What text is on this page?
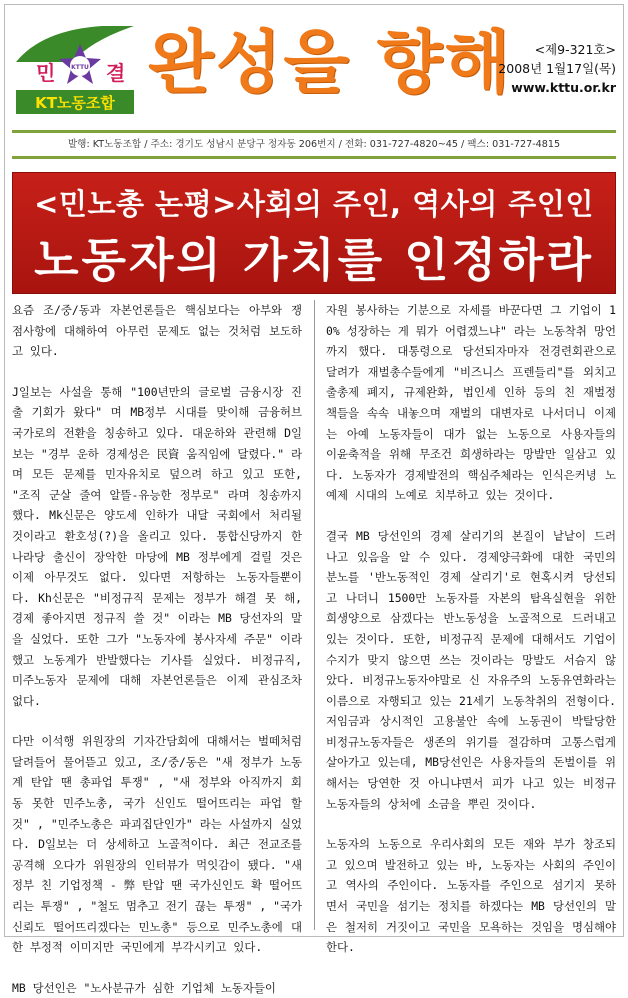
KTTU
민	결
KT노동조합 완성을 향해	<제9-321호>
2008년 1월17일(목)
www.kttu.or.kr
발행: KT노동조합 / 주소: 경기도 성남시 분당구 정자동 206번지 / 전화: 031-727-4820~45 / 팩스: 031-727-4815
<민노총 논평>사회의 주인, 역사의 주인인
노동자의 가치를 인정하라

요즘 조/중/동과 자본언론들은 핵심보다는 아부와 쟁점사항에 대해하여 아무런 문제도 없는 것처럼 보도하고 있다.

J일보는 사설을 통해 "100년만의 글로벌 금융시장 진출 기회가 왔다" 며 MB정부 시대를 맞이해 금융허브 국가로의 전환을 칭송하고 있다. 대운하와 관련해 D일보는 "경부 운하 경제성은 民資 움직임에 달렸다." 라며 모든 문제를 민자유치로 덮으려 하고 있고 또한, "조직 군살 줄여 알뜰-유능한 정부로" 라며 칭송까지 했다. Mk신문은 양도세 인하가 내달 국회에서 처리될 것이라고 환호성(?)을 올리고 있다. 통합신당까지 한나라당 출신이 장악한 마당에 MB 정부에게 걸릴 것은 이제 아무것도 없다. 있다면 저항하는 노동자들뿐이다. Kh신문은 "비정규직 문제는 정부가 해결 못 해, 경제 좋아지면 정규직 쓸 것" 이라는 MB 당선자의 말을 실었다. 또한 그가 "노동자에 봉사자세 주문" 이라 했고 노동계가 반발했다는 기사를 실었다. 비정규직, 미주노동자 문제에 대해 자본언론들은 이제 관심조차 없다.

다만 이석행 위원장의 기자간담회에 대해서는 벌떼처럼 달려들어 물어뜯고 있고, 조/중/동은 "새 정부가 노동계 탄압 땐 총파업 투쟁" , "새 정부와 아직까지 회동 못한 민주노총, 국가 신인도 떨어뜨리는 파업 할 것" , "민주노총은 파괴집단인가" 라는 사설까지 실었다. D일보는 더 상세하고 노골적이다. 최근 전교조를 공격해 오다가 위원장의 인터뷰가 먹잇감이 됐다. "새 정부 친 기업정책 - 弊 탄압 땐 국가신인도 확 떨어뜨리는 투쟁" , "철도 멈추고 전기 끊는 투쟁" , "국가 신뢰도 떨어뜨리겠다는 민노총" 등으로 민주노총에 대한 부정적 이미지만 국민에게 부각시키고 있다.

MB 당선인은 "노사분규가 심한 기업체 노동자들이

자원 봉사하는 기분으로 자세를 바꾼다면 그 기업이 10% 성장하는 게 뭐가 어렵겠느냐" 라는 노동착취 망언까지 했다. 대통령으로 당선되자마자 전경련회관으로 달려가 재벌총수들에게 "비즈니스 프렌들리"를 외치고 출총제 폐지, 규제완화, 법인세 인하 등의 친 재벌정책들을 속속 내놓으며 재벌의 대변자로 나서더니 이제는 아예 노동자들이 대가 없는 노동으로 사용자들의 이윤축적을 위해 무조건 희생하라는 망발만 일삼고 있다. 노동자가 경제발전의 핵심주체라는 인식은커녕 노예제 시대의 노예로 치부하고 있는 것이다.

결국 MB 당선인의 경제 살리기의 본질이 낱낱이 드러나고 있음을 알 수 있다. 경제양극화에 대한 국민의 분노를 '반노동적인 경제 살리기'로 현혹시켜 당선되고 나더니 1500만 노동자를 자본의 탐욕실현을 위한 희생양으로 삼겠다는 반노동성을 노골적으로 드러내고 있는 것이다. 또한, 비정규직 문제에 대해서도 기업이 수지가 맞지 않으면 쓰는 것이라는 망발도 서슴지 않았다. 비정규노동자야말로 신 자유주의 노동유연화라는 이름으로 자행되고 있는 21세기 노동착취의 전형이다. 저임금과 상시적인 고용불안 속에 노동권이 박탈당한 비정규노동자들은 생존의 위기를 절감하며 고통스럽게 살아가고 있는데, MB당선인은 사용자들의 돈벌이를 위해서는 당연한 것 아니냐면서 피가 나고 있는 비정규노동자들의 상처에 소금을 뿌린 것이다.

노동자의 노동으로 우리사회의 모든 재와 부가 창조되고 있으며 발전하고 있는 바, 노동자는 사회의 주인이고 역사의 주인이다. 노동자를 주인으로 섬기지 못하면서 국민을 섬기는 정치를 하겠다는 MB 당선인의 말은 철저히 거짓이고 국민을 모욕하는 것임을 명심해야 한다.
